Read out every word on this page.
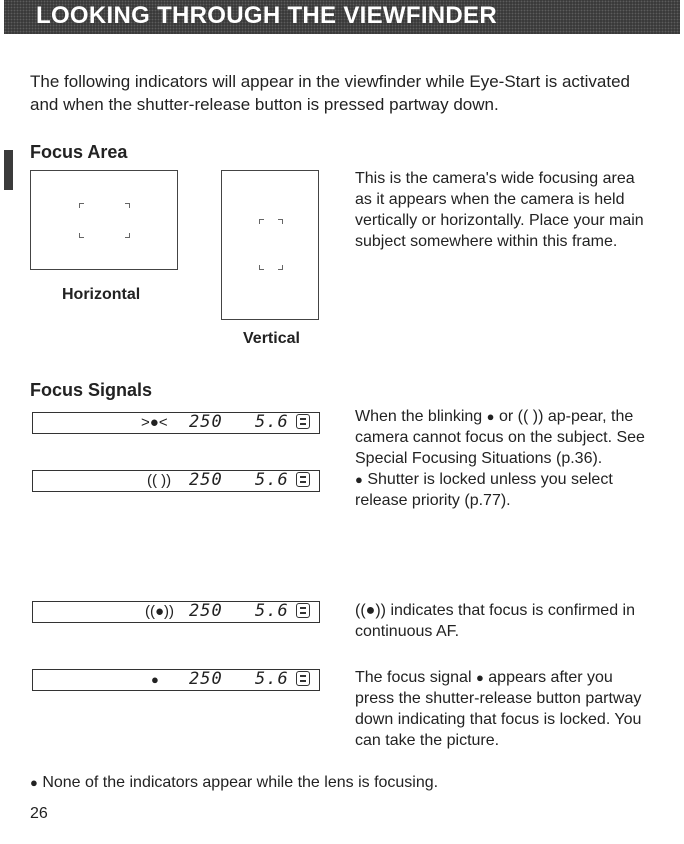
LOOKING THROUGH THE VIEWFINDER
The following indicators will appear in the viewfinder while Eye-Start is activated and when the shutter-release button is pressed partway down.
Focus Area
Horizontal
Vertical
This is the camera's wide focusing area as it appears when the camera is held vertically or horizontally. Place your main subject somewhere within this frame.
Focus Signals
>●< 250 5.6
(( )) 250 5.6
When the blinking ● or (( )) ap-pear, the camera cannot focus on the subject. See Special Focusing Situations (p.36).
● Shutter is locked unless you select release priority (p.77).
((●)) 250 5.6	((●)) indicates that focus is confirmed in continuous AF.
● 250 5.6	The focus signal ● appears after you press the shutter-release button partway down indicating that focus is locked. You can take the picture.
● None of the indicators appear while the lens is focusing.
26
